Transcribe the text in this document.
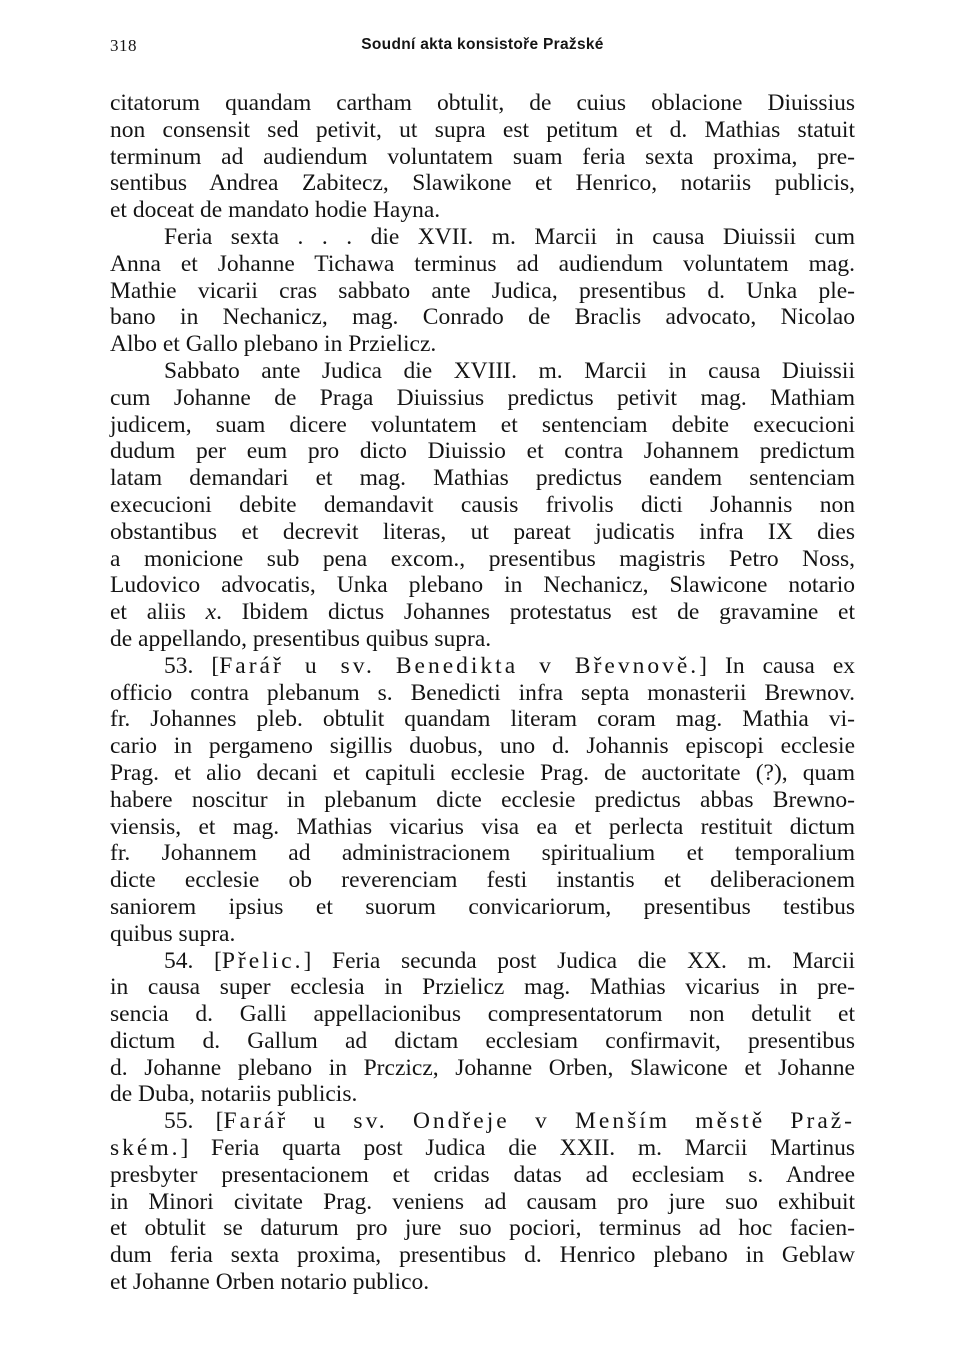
318	Soudní akta konsistoře Pražské
citatorum quandam cartham obtulit, de cuius oblacione Diuissius
non consensit sed petivit, ut supra est petitum et d. Mathias statuit
terminum ad audiendum voluntatem suam feria sexta proxima, pre-
sentibus Andrea Zabitecz, Slawikone et Henrico, notariis publicis,
et doceat de mandato hodie Hayna.
Feria sexta . . . die XVII. m. Marcii in causa Diuissii cum
Anna et Johanne Tichawa terminus ad audiendum voluntatem mag.
Mathie vicarii cras sabbato ante Judica, presentibus d. Unka ple-
bano in Nechanicz, mag. Conrado de Braclis advocato, Nicolao
Albo et Gallo plebano in Przielicz.
Sabbato ante Judica die XVIII. m. Marcii in causa Diuissii
cum Johanne de Praga Diuissius predictus petivit mag. Mathiam
judicem, suam dicere voluntatem et sentenciam debite execucioni
dudum per eum pro dicto Diuissio et contra Johannem predictum
latam demandari et mag. Mathias predictus eandem sentenciam
execucioni debite demandavit causis frivolis dicti Johannis non
obstantibus et decrevit literas, ut pareat judicatis infra IX dies
a monicione sub pena excom., presentibus magistris Petro Noss,
Ludovico advocatis, Unka plebano in Nechanicz, Slawicone notario
et aliis x. Ibidem dictus Johannes protestatus est de gravamine et
de appellando, presentibus quibus supra.
53. [Farář u sv. Benedikta v Břevnově.] In causa ex
officio contra plebanum s. Benedicti infra septa monasterii Brewnov.
fr. Johannes pleb. obtulit quandam literam coram mag. Mathia vi-
cario in pergameno sigillis duobus, uno d. Johannis episcopi ecclesie
Prag. et alio decani et capituli ecclesie Prag. de auctoritate (?), quam
habere noscitur in plebanum dicte ecclesie predictus abbas Brewno-
viensis, et mag. Mathias vicarius visa ea et perlecta restituit dictum
fr. Johannem ad administracionem spiritualium et temporalium
dicte ecclesie ob reverenciam festi instantis et deliberacionem
saniorem ipsius et suorum convicariorum, presentibus testibus
quibus supra.
54. [Přelic.] Feria secunda post Judica die XX. m. Marcii
in causa super ecclesia in Przielicz mag. Mathias vicarius in pre-
sencia d. Galli appellacionibus compresentatorum non detulit et
dictum d. Gallum ad dictam ecclesiam confirmavit, presentibus
d. Johanne plebano in Prczicz, Johanne Orben, Slawicone et Johanne
de Duba, notariis publicis.
55. [Farář u sv. Ondřeje v Menším městě Praž-
ském.] Feria quarta post Judica die XXII. m. Marcii Martinus
presbyter presentacionem et cridas datas ad ecclesiam s. Andree
in Minori civitate Prag. veniens ad causam pro jure suo exhibuit
et obtulit se daturum pro jure suo pociori, terminus ad hoc facien-
dum feria sexta proxima, presentibus d. Henrico plebano in Geblaw
et Johanne Orben notario publico.
